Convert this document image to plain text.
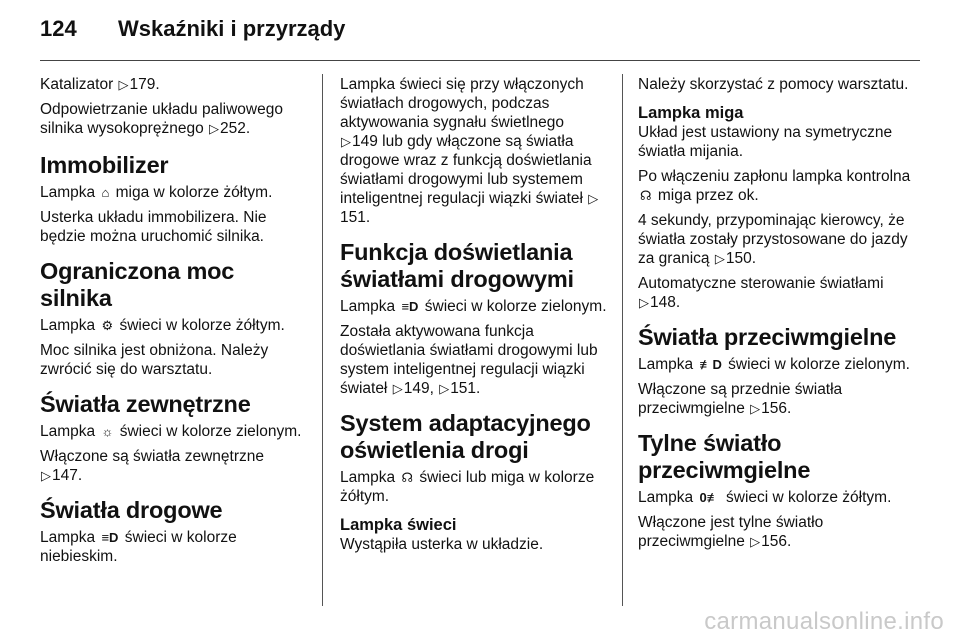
124 Wskaźniki i przyrządy

Katalizator ▷179.

Odpowietrzanie układu paliwowego silnika wysokoprężnego ▷252.

Immobilizer

Lampka ⌂ miga w kolorze żółtym.

Usterka układu immobilizera. Nie będzie można uruchomić silnika.

Ograniczona moc silnika

Lampka ⚙ świeci w kolorze żółtym.

Moc silnika jest obniżona. Należy zwrócić się do warsztatu.

Światła zewnętrzne

Lampka ☼ świeci w kolorze zielonym.

Włączone są światła zewnętrzne
▷147.

Światła drogowe

Lampka ≡D świeci w kolorze niebieskim.

Lampka świeci się przy włączonych światłach drogowych, podczas aktywowania sygnału świetlnego
▷149 lub gdy włączone są światła drogowe wraz z funkcją doświetlania światłami drogowymi lub systemem inteligentnej regulacji wiązki świateł ▷151.

Funkcja doświetlania światłami drogowymi

Lampka ≡D świeci w kolorze zielonym.

Została aktywowana funkcja doświetlania światłami drogowymi lub system inteligentnej regulacji wiązki świateł ▷149, ▷151.

System adaptacyjnego oświetlenia drogi

Lampka ☊ świeci lub miga w kolorze żółtym.

Lampka świeci

Wystąpiła usterka w układzie.

Należy skorzystać z pomocy warsztatu.

Lampka miga

Układ jest ustawiony na symetryczne światła mijania.

Po włączeniu zapłonu lampka kontrolna ☊ miga przez ok.

4 sekundy, przypominając kierowcy, że światła zostały przystosowane do jazdy za granicą ▷150.

Automatyczne sterowanie światłami
▷148.

Światła przeciwmgielne

Lampka ≢D świeci w kolorze zielonym.

Włączone są przednie światła przeciwmgielne ▷156.

Tylne światło przeciwmgielne

Lampka 0≢ świeci w kolorze żółtym.

Włączone jest tylne światło przeciwmgielne ▷156.

carmanualsonline.info
